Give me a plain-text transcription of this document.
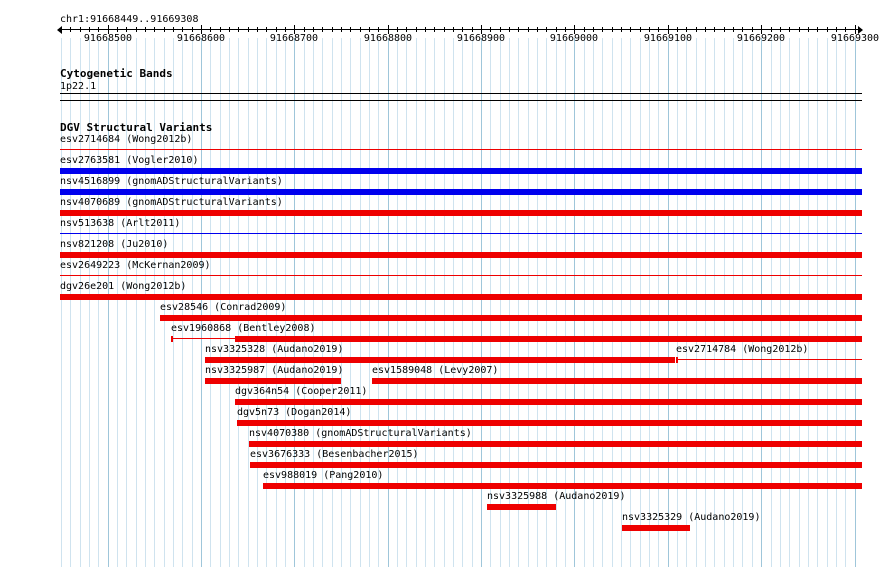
chr1:91668449..91669308
91668500	91668600	91668700	91668800	91668900	91669000	91669100	91669200	91669300
Cytogenetic Bands
1p22.1
DGV Structural Variants
esv2714684 (Wong2012b)
esv2763581 (Vogler2010)
nsv4516899 (gnomADStructuralVariants)
nsv4070689 (gnomADStructuralVariants)
nsv513638 (Arlt2011)
nsv821208 (Ju2010)
esv2649223 (McKernan2009)
dgv26e201 (Wong2012b)
esv28546 (Conrad2009)
esv1960868 (Bentley2008)
nsv3325328 (Audano2019)	esv2714784 (Wong2012b)
nsv3325987 (Audano2019)	esv1589048 (Levy2007)
dgv364n54 (Cooper2011)
dgv5n73 (Dogan2014)
nsv4070380 (gnomADStructuralVariants)
esv3676333 (Besenbacher2015)
esv988019 (Pang2010)
nsv3325988 (Audano2019)
nsv3325329 (Audano2019)
